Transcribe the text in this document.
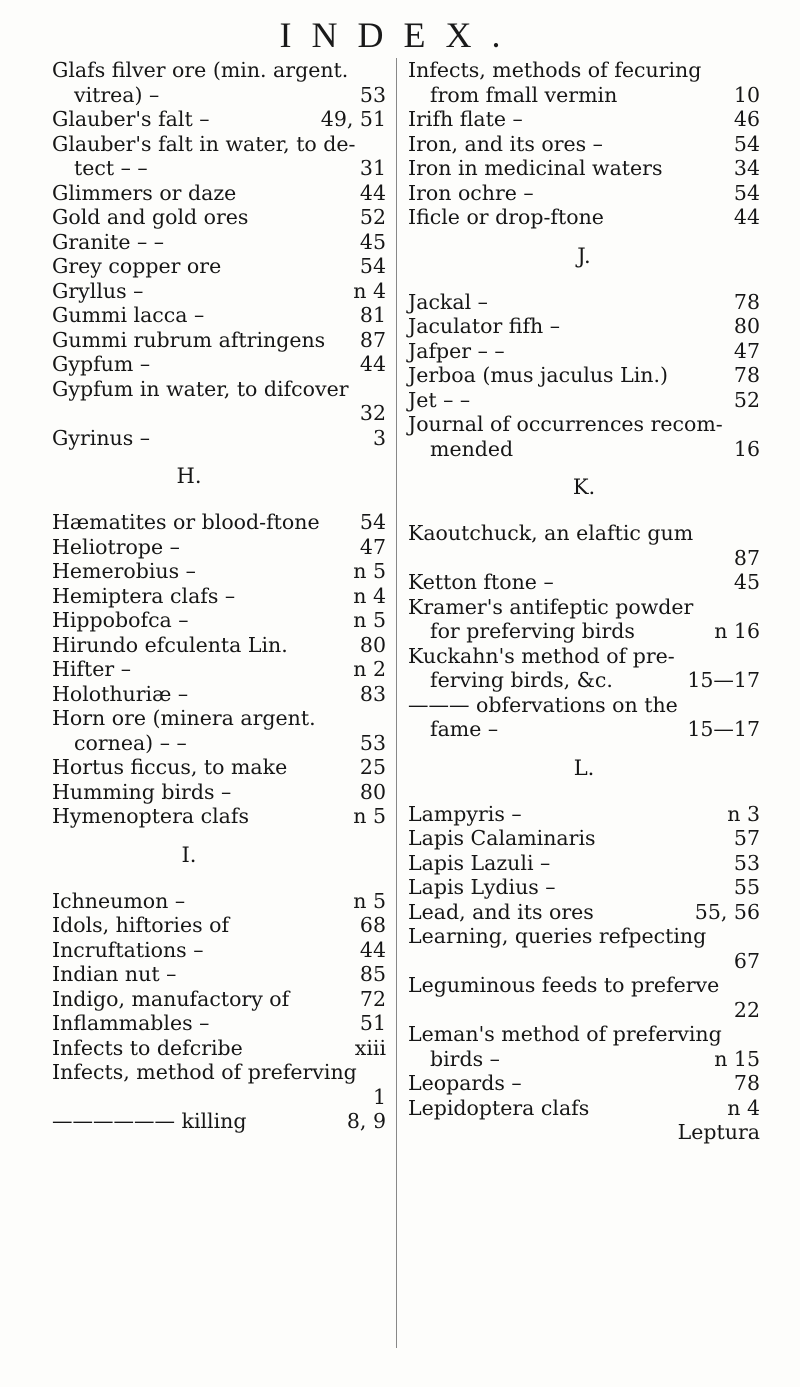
INDEX.
Glafs filver ore (min. argent.
vitrea) –	53
Glauber's falt –	49, 51
Glauber's falt in water, to de-
tect – –	31
Glimmers or daze	44
Gold and gold ores	52
Granite – –	45
Grey copper ore	54
Gryllus –	n 4
Gummi lacca –	81
Gummi rubrum aftringens 87
Gypfum –	44
Gypfum in water, to difcover
32
Gyrinus –	3
H.
Hæmatites or blood-ftone 54
Heliotrope –	47
Hemerobius –	n 5
Hemiptera clafs –	n 4
Hippobofca –	n 5
Hirundo efculenta Lin.	80
Hifter –	n 2
Holothuriæ –	83
Horn ore (minera argent.
cornea) – –	53
Hortus ficcus, to make	25
Humming birds –	80
Hymenoptera clafs	n 5
I.
Ichneumon –	n 5
Idols, hiftories of	68
Incruftations –	44
Indian nut –	85
Indigo, manufactory of	72
Inflammables –	51
Infects to defcribe	xiii
Infects, method of preferving
1
—————— killing	8, 9
Infects, methods of fecuring
from fmall vermin	10
Irifh flate –	46
Iron, and its ores –	54
Iron in medicinal waters	34
Iron ochre –	54
Ificle or drop-ftone	44
J.
Jackal –	78
Jaculator fifh –	80
Jafper – –	47
Jerboa (mus jaculus Lin.)	78
Jet – –	52
Journal of occurrences recom-
mended	16
K.
Kaoutchuck, an elaftic gum
87
Ketton ftone –	45
Kramer's antifeptic powder
for preferving birds	n 16
Kuckahn's method of pre-
ferving birds, &c.	15—17
——— obfervations on the
fame –	15—17
L.
Lampyris –	n 3
Lapis Calaminaris	57
Lapis Lazuli –	53
Lapis Lydius –	55
Lead, and its ores	55, 56
Learning, queries refpecting
67
Leguminous feeds to preferve
22
Leman's method of preferving
birds –	n 15
Leopards –	78
Lepidoptera clafs	n 4
Leptura
